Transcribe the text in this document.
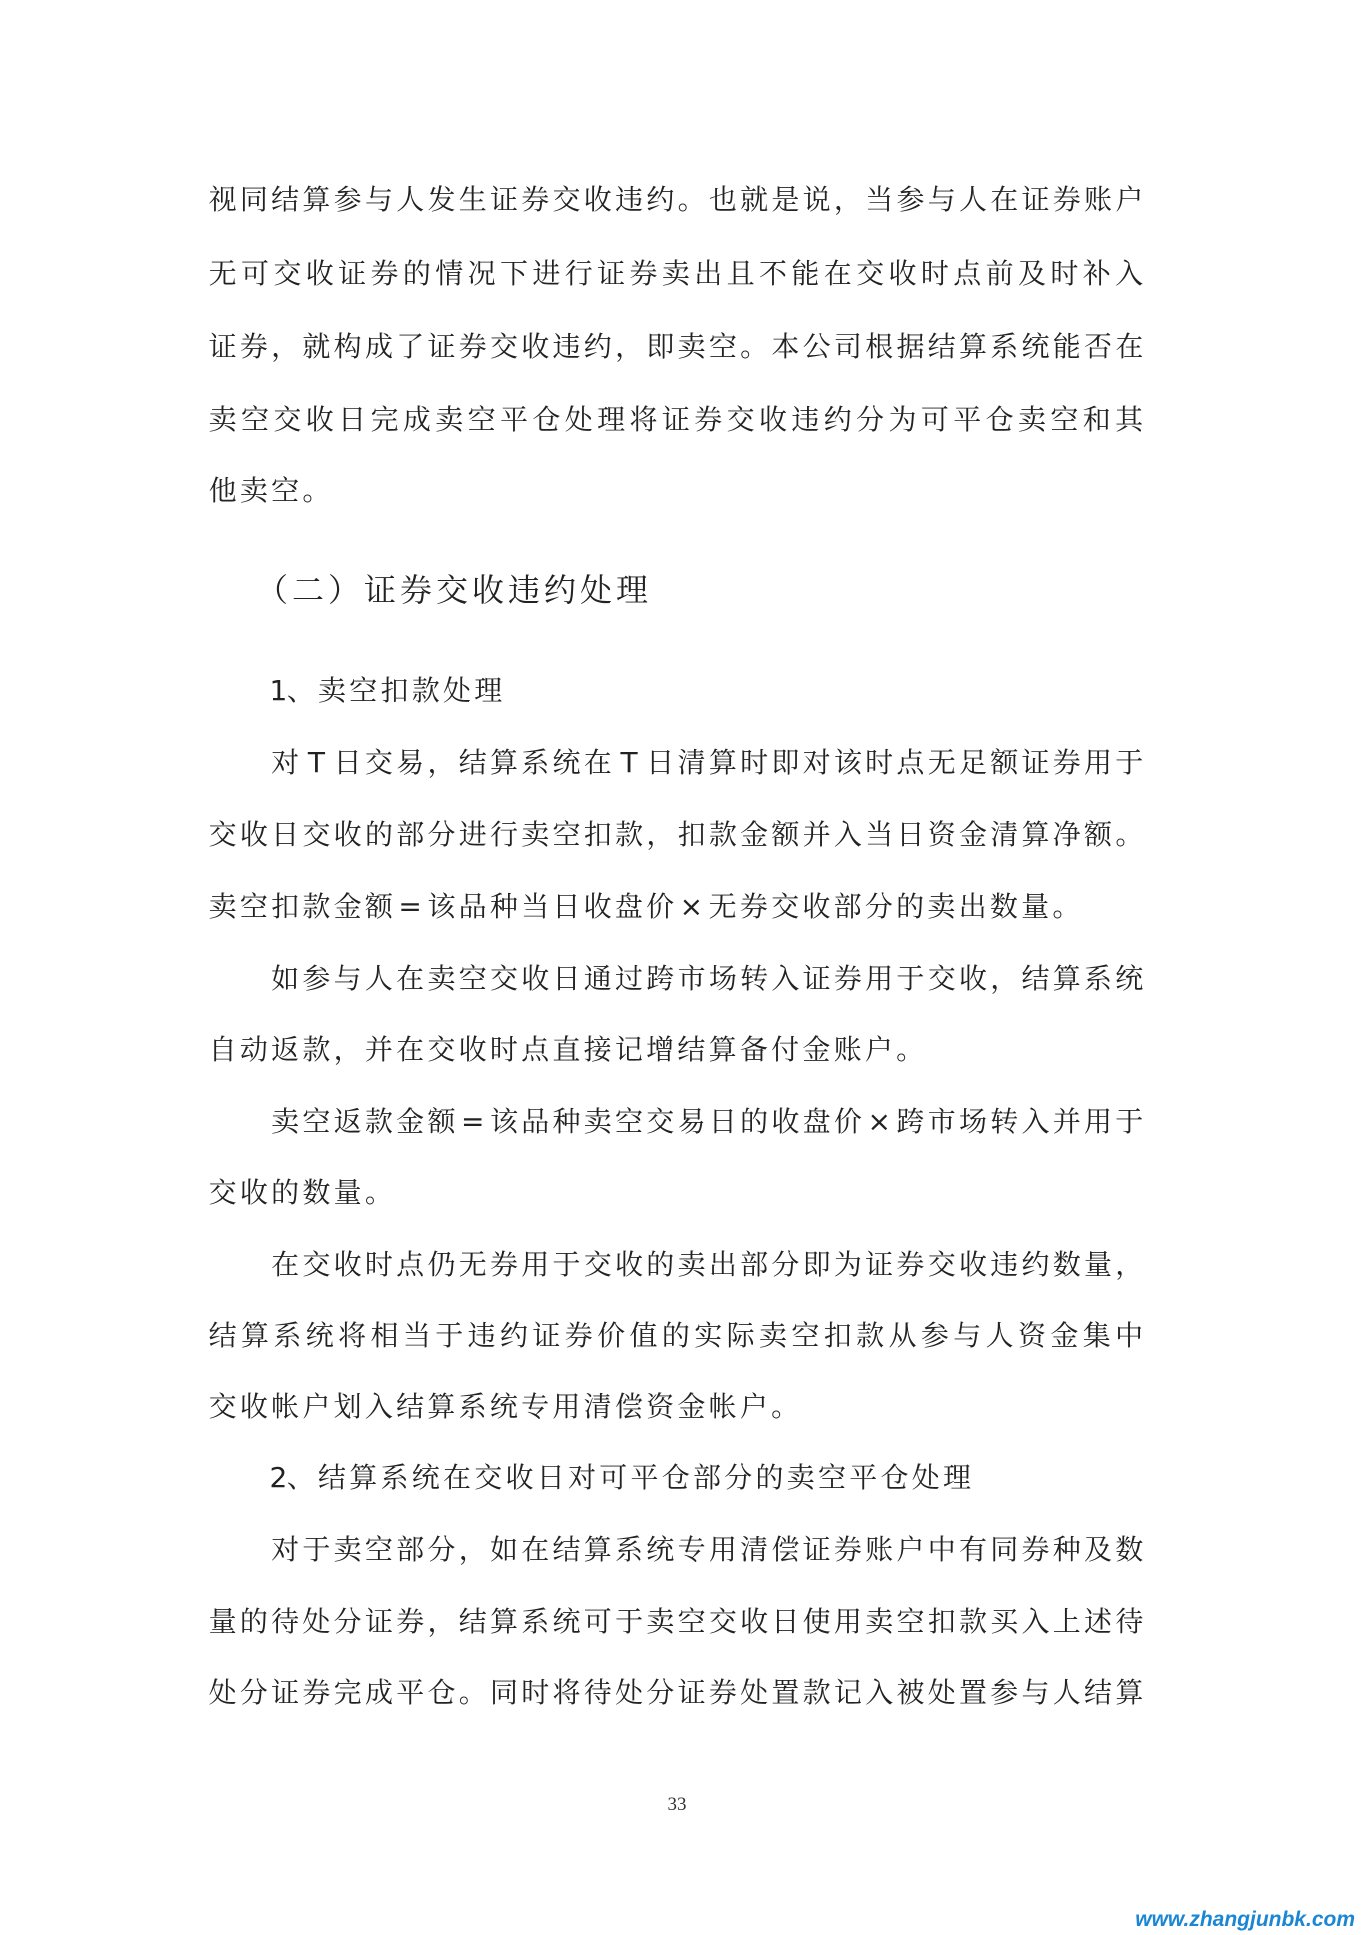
视 同 结 算 参 与 人 发 生 证 券 交 收 违 约 。 也 就 是 说 ， 当 参 与 人 在 证 券 账 户
无 可 交 收 证 券 的 情 况 下 进 行 证 券 卖 出 且 不 能 在 交 收 时 点 前 及 时 补 入
证 券 ， 就 构 成 了 证 券 交 收 违 约 ， 即 卖 空 。 本 公 司 根 据 结 算 系 统 能 否 在
卖 空 交 收 日 完 成 卖 空 平 仓 处 理 将 证 券 交 收 违 约 分 为 可 平 仓 卖 空 和 其
他 卖 空 。
（ 二 ） 证 券 交 收 违 约 处 理
1 、 卖 空 扣 款 处 理
对 T 日 交 易 ， 结 算 系 统 在 T 日 清 算 时 即 对 该 时 点 无 足 额 证 券 用 于
交 收 日 交 收 的 部 分 进 行 卖 空 扣 款 ， 扣 款 金 额 并 入 当 日 资 金 清 算 净 额 。
卖 空 扣 款 金 额 = 该 品 种 当 日 收 盘 价 × 无 券 交 收 部 分 的 卖 出 数 量 。
如 参 与 人 在 卖 空 交 收 日 通 过 跨 市 场 转 入 证 券 用 于 交 收 ， 结 算 系 统
自 动 返 款 ， 并 在 交 收 时 点 直 接 记 增 结 算 备 付 金 账 户 。
卖 空 返 款 金 额 = 该 品 种 卖 空 交 易 日 的 收 盘 价 × 跨 市 场 转 入 并 用 于
交 收 的 数 量 。
在 交 收 时 点 仍 无 券 用 于 交 收 的 卖 出 部 分 即 为 证 券 交 收 违 约 数 量 ，
结 算 系 统 将 相 当 于 违 约 证 券 价 值 的 实 际 卖 空 扣 款 从 参 与 人 资 金 集 中
交 收 帐 户 划 入 结 算 系 统 专 用 清 偿 资 金 帐 户 。
2 、 结 算 系 统 在 交 收 日 对 可 平 仓 部 分 的 卖 空 平 仓 处 理
对 于 卖 空 部 分 ， 如 在 结 算 系 统 专 用 清 偿 证 券 账 户 中 有 同 券 种 及 数
量 的 待 处 分 证 券 ， 结 算 系 统 可 于 卖 空 交 收 日 使 用 卖 空 扣 款 买 入 上 述 待
处 分 证 券 完 成 平 仓 。 同 时 将 待 处 分 证 券 处 置 款 记 入 被 处 置 参 与 人 结 算
33
www.zhangjunbk.com
